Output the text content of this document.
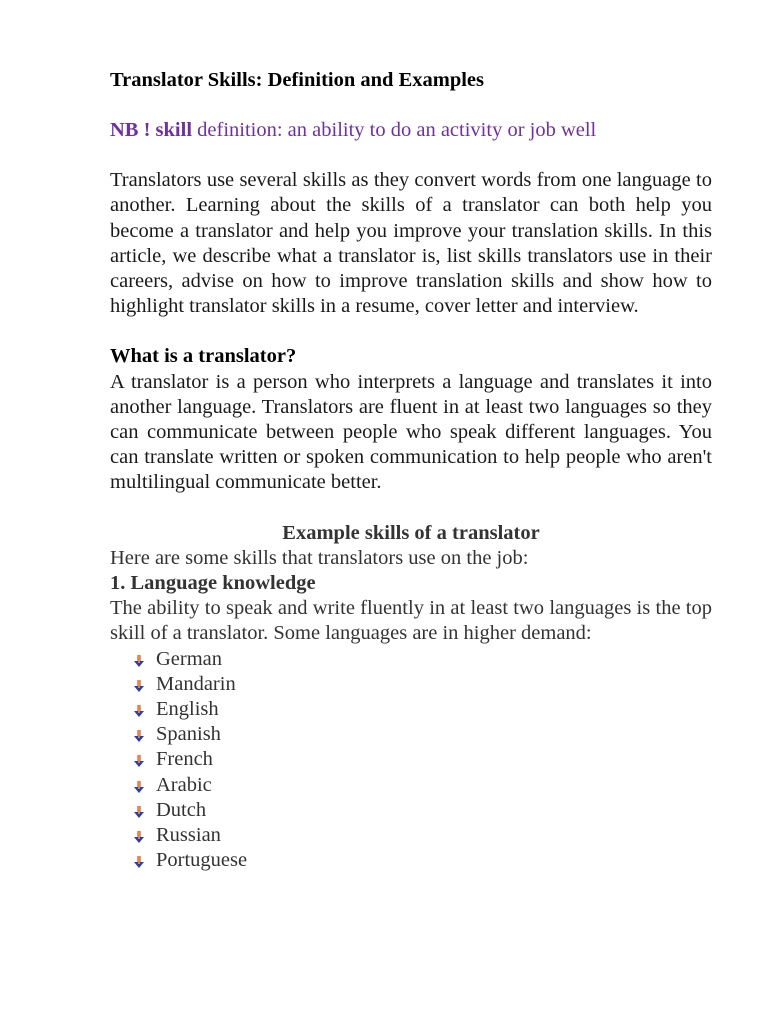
Translator Skills: Definition and Examples
NB ! skill definition: an ability to do an activity or job well

Translators use several skills as they convert words from one language to another. Learning about the skills of a translator can both help you become a translator and help you improve your translation skills. In this article, we describe what a translator is, list skills translators use in their careers, advise on how to improve translation skills and show how to highlight translator skills in a resume, cover letter and interview.

What is a translator?

A translator is a person who interprets a language and translates it into another language. Translators are fluent in at least two languages so they can communicate between people who speak different languages. You can translate written or spoken communication to help people who aren't multilingual communicate better.

Example skills of a translator
Here are some skills that translators use on the job:
1. Language knowledge

The ability to speak and write fluently in at least two languages is the top skill of a translator. Some languages are in higher demand:

German
Mandarin
English
Spanish
French
Arabic
Dutch
Russian
Portuguese
